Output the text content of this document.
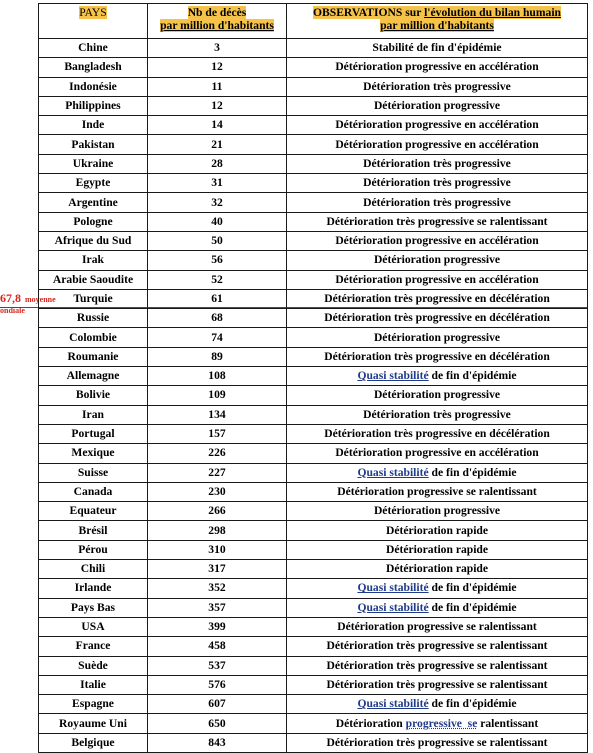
67,8 moyenne
ondiale
PAYS	Nb de décès
par million d'habitants	OBSERVATIONS sur l'évolution du bilan humain
par million d'habitants
Chine	3	Stabilité de fin d'épidémie
Bangladesh	12	Détérioration progressive en accélération
Indonésie	11	Détérioration très progressive
Philippines	12	Détérioration progressive
Inde	14	Détérioration progressive en accélération
Pakistan	21	Détérioration progressive en accélération
Ukraine	28	Détérioration très progressive
Egypte	31	Détérioration très progressive
Argentine	32	Détérioration très progressive
Pologne	40	Détérioration très progressive se ralentissant
Afrique du Sud	50	Détérioration progressive en accélération
Irak	56	Détérioration progressive
Arabie Saoudite	52	Détérioration progressive en accélération
Turquie	61	Détérioration très progressive en décélération
Russie	68	Détérioration très progressive en décélération
Colombie	74	Détérioration progressive
Roumanie	89	Détérioration très progressive en décélération
Allemagne	108	Quasi stabilité de fin d'épidémie
Bolivie	109	Détérioration progressive
Iran	134	Détérioration très progressive
Portugal	157	Détérioration très progressive en décélération
Mexique	226	Détérioration progressive en accélération
Suisse	227	Quasi stabilité de fin d'épidémie
Canada	230	Détérioration progressive se ralentissant
Equateur	266	Détérioration progressive
Brésil	298	Détérioration rapide
Pérou	310	Détérioration rapide
Chili	317	Détérioration rapide
Irlande	352	Quasi stabilité de fin d'épidémie
Pays Bas	357	Quasi stabilité de fin d'épidémie
USA	399	Détérioration progressive se ralentissant
France	458	Détérioration très progressive se ralentissant
Suède	537	Détérioration très progressive se ralentissant
Italie	576	Détérioration très progressive se ralentissant
Espagne	607	Quasi stabilité de fin d'épidémie
Royaume Uni	650	Détérioration progressive  se ralentissant
Belgique	843	Détérioration très progressive se ralentissant
